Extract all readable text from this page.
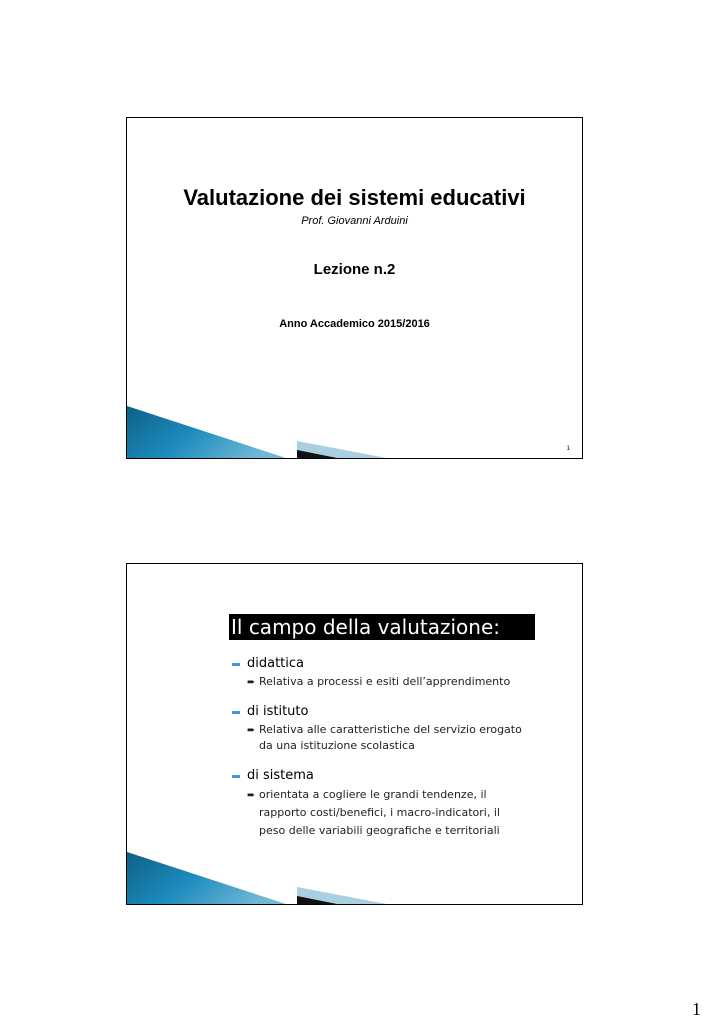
Valutazione dei sistemi educativi
Prof. Giovanni Arduini
Lezione n.2
Anno Accademico 2015/2016
1
Il campo della valutazione:
didattica
➨ Relativa a processi e esiti dell’apprendimento
di istituto
➨ Relativa alle caratteristiche del servizio erogato
da una istituzione scolastica
di sistema
➨ orientata a cogliere le grandi tendenze, il
rapporto costi/benefici, i macro-indicatori, il
peso delle variabili geografiche e territoriali
1
